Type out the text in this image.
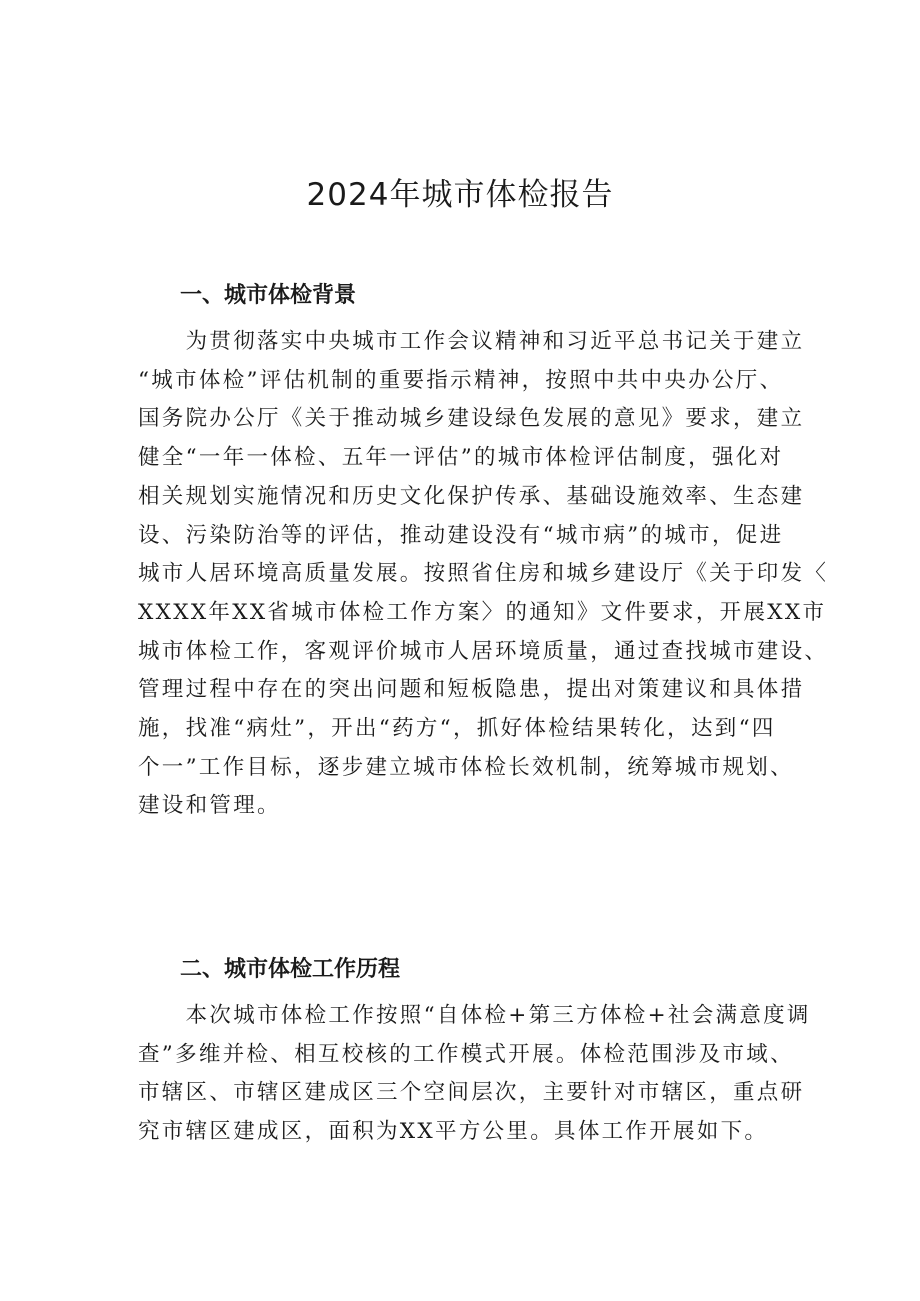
2024年城市体检报告
一、城市体检背景
　　为贯彻落实中央城市工作会议精神和习近平总书记关于建立
“城市体检”评估机制的重要指示精神，按照中共中央办公厅、
国务院办公厅《关于推动城乡建设绿色发展的意见》要求，建立
健全“一年一体检、五年一评估”的城市体检评估制度，强化对
相关规划实施情况和历史文化保护传承、基础设施效率、生态建
设、污染防治等的评估，推动建设没有“城市病”的城市，促进
城市人居环境高质量发展。按照省住房和城乡建设厅《关于印发〈
XXXX年XX省城市体检工作方案〉的通知》文件要求，开展XX市
城市体检工作，客观评价城市人居环境质量，通过查找城市建设、
管理过程中存在的突出问题和短板隐患，提出对策建议和具体措
施，找准“病灶”，开出“药方“，抓好体检结果转化，达到“四
个一”工作目标，逐步建立城市体检长效机制，统筹城市规划、
建设和管理。
二、城市体检工作历程
　　本次城市体检工作按照“自体检+第三方体检+社会满意度调
查”多维并检、相互校核的工作模式开展。体检范围涉及市域、
市辖区、市辖区建成区三个空间层次，主要针对市辖区，重点研
究市辖区建成区，面积为XX平方公里。具体工作开展如下。
